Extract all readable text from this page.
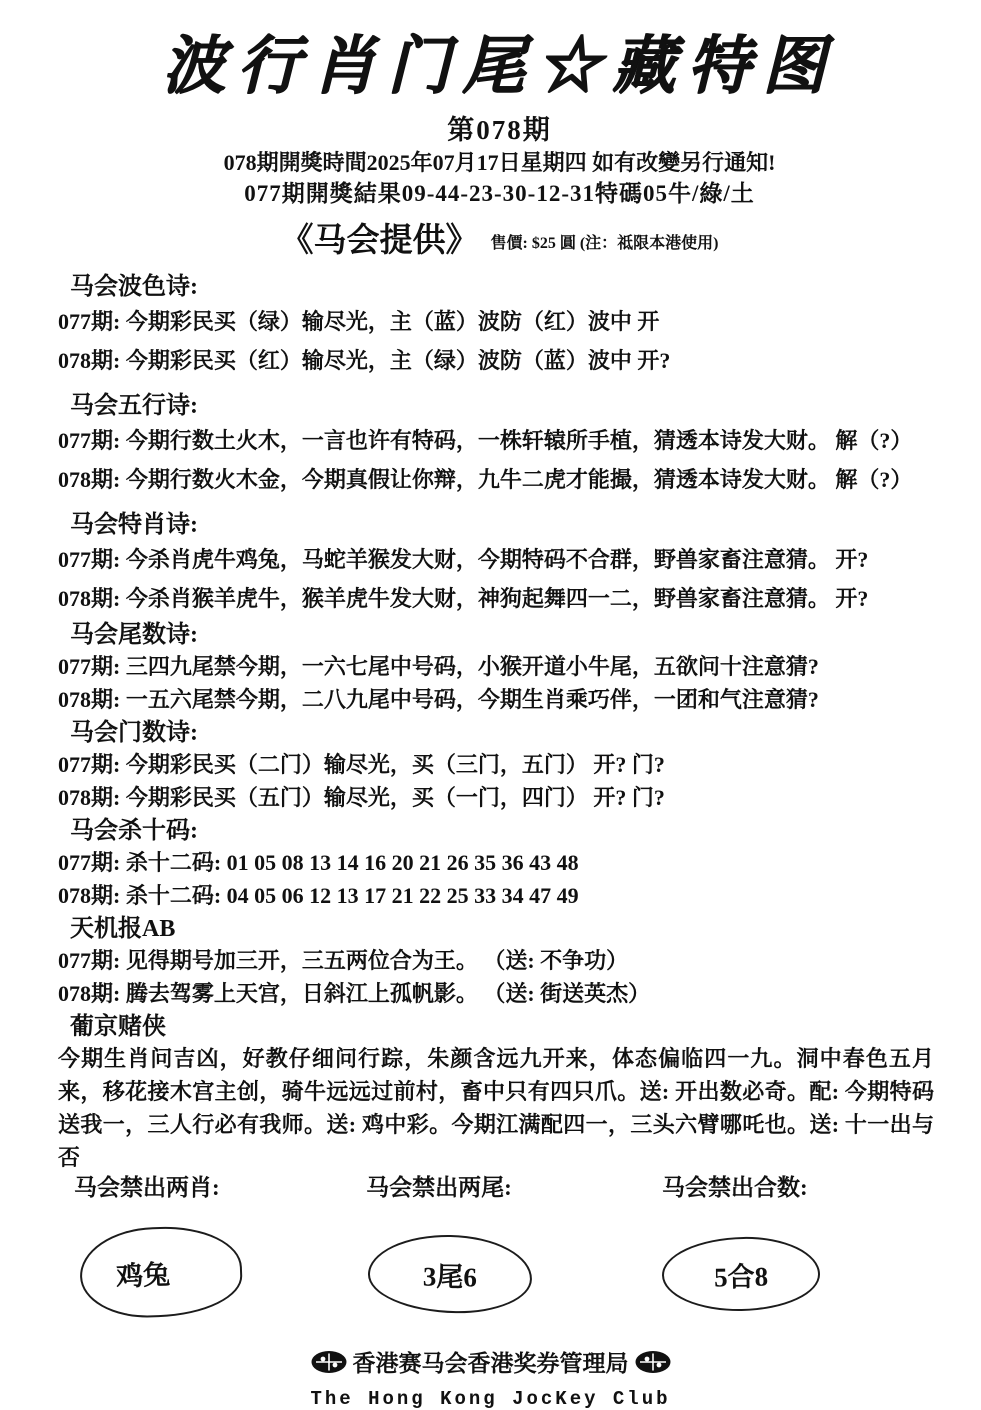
波行肖门尾☆藏特图
第078期
078期開獎時間2025年07月17日星期四 如有改變另行通知!
077期開獎結果09-44-23-30-12-31特碼05牛/綠/土
《马会提供》 售價: $25 圓 (注：祗限本港使用)
马会波色诗:

077期: 今期彩民买（绿）输尽光，主（蓝）波防（红）波中 开

078期: 今期彩民买（红）输尽光，主（绿）波防（蓝）波中 开?

马会五行诗:

077期: 今期行数土火木，一言也许有特码，一株轩辕所手植，猜透本诗发大财。 解（?）

078期: 今期行数火木金，今期真假让你辩，九牛二虎才能撮，猜透本诗发大财。 解（?）

马会特肖诗:

077期: 今杀肖虎牛鸡兔，马蛇羊猴发大财，今期特码不合群，野兽家畜注意猜。 开?

078期: 今杀肖猴羊虎牛，猴羊虎牛发大财，神狗起舞四一二，野兽家畜注意猜。 开?

马会尾数诗:

077期: 三四九尾禁今期，一六七尾中号码，小猴开道小牛尾，五欲问十注意猜?

078期: 一五六尾禁今期，二八九尾中号码，今期生肖乘巧伴，一团和气注意猜?

马会门数诗:

077期: 今期彩民买（二门）输尽光，买（三门，五门） 开? 门?

078期: 今期彩民买（五门）输尽光，买（一门，四门） 开? 门?

马会杀十码:

077期: 杀十二码: 01 05 08 13 14 16 20 21 26 35 36 43 48

078期: 杀十二码: 04 05 06 12 13 17 21 22 25 33 34 47 49

天机报AB

077期: 见得期号加三开，三五两位合为王。 （送: 不争功）

078期: 腾去驾雾上天宫，日斜江上孤帆影。 （送: 街送英杰）

葡京赌侠

今期生肖问吉凶，好教仔细问行踪，朱颜含远九开来，体态偏临四一九。洞中春色五月来，移花接木宫主创，骑牛远远过前村，畜中只有四只爪。送: 开出数必奇。配: 今期特码送我一，三人行必有我师。送: 鸡中彩。今期江满配四一，三头六臂哪吒也。送: 十一出与否

马会禁出两肖:
鸡兔
马会禁出两尾:
3尾6
马会禁出合数:
5合8
香港赛马会香港奖券管理局
The Hong Kong JocKey Club
